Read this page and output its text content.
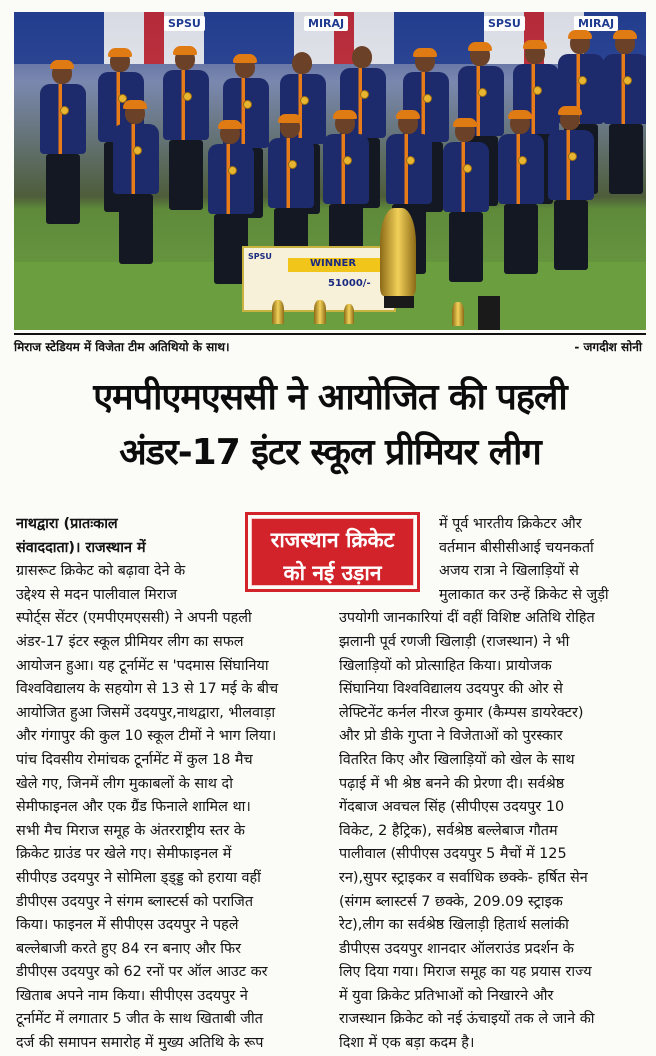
SPSU	MIRAJ	SPSU	MIRAJ
SPSU
WINNER
51000/-
मिराज स्टेडियम में विजेता टीम अतिथियो के साथ।	- जगदीश सोनी
एमपीएमएससी ने आयोजित की पहली
अंडर-17 इंटर स्कूल प्रीमियर लीग
नाथद्वारा (प्रातःकाल
संवाददाता)। राजस्थान में
ग्रासरूट क्रिकेट को बढ़ावा देने के
उद्देश्य से मदन पालीवाल मिराज
स्पोर्ट्स सेंटर (एमपीएमएससी) ने अपनी पहली
अंडर-17 इंटर स्कूल प्रीमियर लीग का सफल
आयोजन हुआ। यह टूर्नामेंट स 'पदमास सिंघानिया
विश्वविद्यालय के सहयोग से 13 से 17 मई के बीच
आयोजित हुआ जिसमें उदयपुर,नाथद्वारा, भीलवाड़ा
और गंगापुर की कुल 10 स्कूल टीमों ने भाग लिया।
पांच दिवसीय रोमांचक टूर्नामेंट में कुल 18 मैच
खेले गए, जिनमें लीग मुकाबलों के साथ दो
सेमीफाइनल और एक ग्रैंड फिनाले शामिल था।
सभी मैच मिराज समूह के अंतरराष्ट्रीय स्तर के
क्रिकेट ग्राउंड पर खेले गए। सेमीफाइनल में
सीपीएड उदयपुर ने सोमिला ड्ड्ड्ड को हराया वहीं
डीपीएस उदयपुर ने संगम ब्लास्टर्स को पराजित
किया। फाइनल में सीपीएस उदयपुर ने पहले
बल्लेबाजी करते हुए 84 रन बनाए और फिर
डीपीएस उदयपुर को 62 रनों पर ऑल आउट कर
खिताब अपने नाम किया। सीपीएस उदयपुर ने
टूर्नामेंट में लगातार 5 जीत के साथ खिताबी जीत
दर्ज की समापन समारोह में मुख्य अतिथि के रूप
में पूर्व भारतीय क्रिकेटर और
वर्तमान बीसीसीआई चयनकर्ता
अजय रात्रा ने खिलाड़ियों से
मुलाकात कर उन्हें क्रिकेट से जुड़ी
उपयोगी जानकारियां दीं वहीं विशिष्ट अतिथि रोहित
झलानी पूर्व रणजी खिलाड़ी (राजस्थान) ने भी
खिलाड़ियों को प्रोत्साहित किया। प्रायोजक
सिंघानिया विश्वविद्यालय उदयपुर की ओर से
लेफ्टिनेंट कर्नल नीरज कुमार (कैम्पस डायरेक्टर)
और प्रो डीके गुप्ता ने विजेताओं को पुरस्कार
वितरित किए और खिलाड़ियों को खेल के साथ
पढ़ाई में भी श्रेष्ठ बनने की प्रेरणा दी। सर्वश्रेष्ठ
गेंदबाज अवचल सिंह (सीपीएस उदयपुर 10
विकेट, 2 हैट्रिक), सर्वश्रेष्ठ बल्लेबाज गौतम
पालीवाल (सीपीएस उदयपुर 5 मैचों में 125
रन),सुपर स्ट्राइकर व सर्वाधिक छक्के- हर्षित सेन
(संगम ब्लास्टर्स 7 छक्के, 209.09 स्ट्राइक
रेट),लीग का सर्वश्रेष्ठ खिलाड़ी हितार्थ सलांकी
डीपीएस उदयपुर शानदार ऑलराउंड प्रदर्शन के
लिए दिया गया। मिराज समूह का यह प्रयास राज्य
में युवा क्रिकेट प्रतिभाओं को निखारने और
राजस्थान क्रिकेट को नई ऊंचाइयों तक ले जाने की
दिशा में एक बड़ा कदम है।
राजस्थान क्रिकेट
को नई उड़ान
